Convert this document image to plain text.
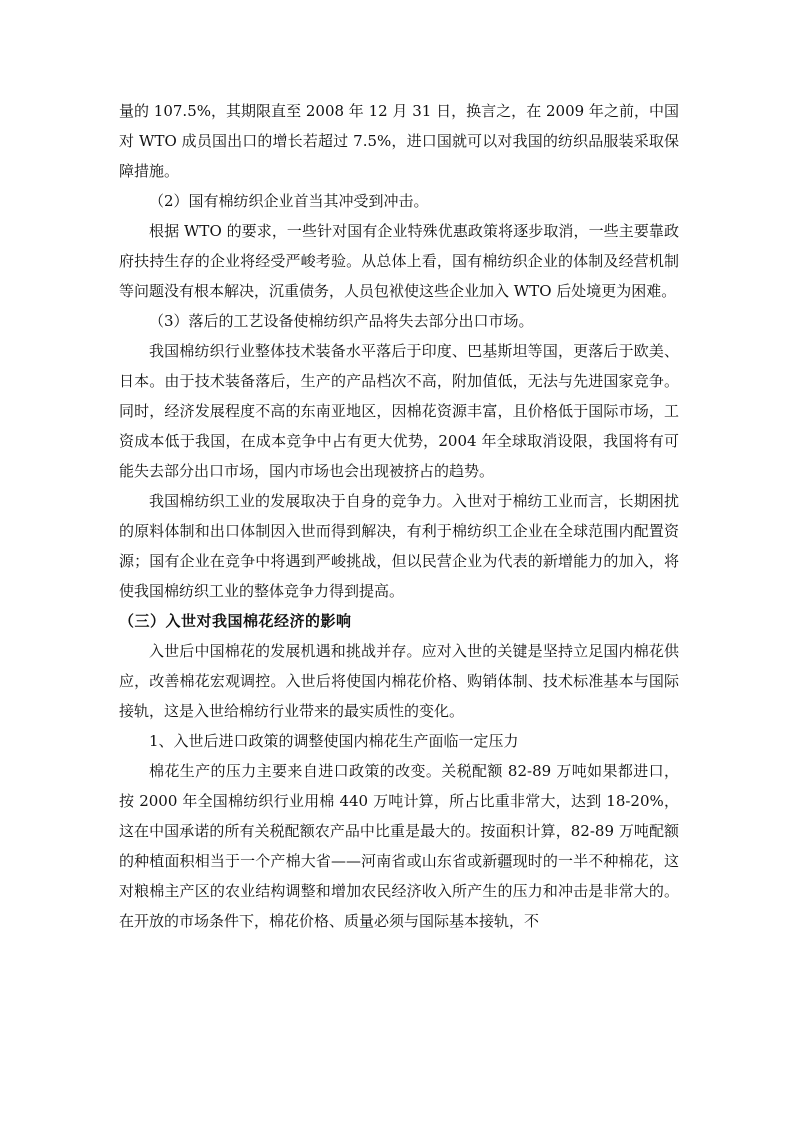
量的 107.5%，其期限直至 2008 年 12 月 31 日，换言之，在 2009 年之前，中国对 WTO 成员国出口的增长若超过 7.5%，进口国就可以对我国的纺织品服装采取保障措施。

（2）国有棉纺织企业首当其冲受到冲击。

根据 WTO 的要求，一些针对国有企业特殊优惠政策将逐步取消，一些主要靠政府扶持生存的企业将经受严峻考验。从总体上看，国有棉纺织企业的体制及经营机制等问题没有根本解决，沉重债务，人员包袱使这些企业加入 WTO 后处境更为困难。

（3）落后的工艺设备使棉纺织产品将失去部分出口市场。

我国棉纺织行业整体技术装备水平落后于印度、巴基斯坦等国，更落后于欧美、日本。由于技术装备落后，生产的产品档次不高，附加值低，无法与先进国家竞争。同时，经济发展程度不高的东南亚地区，因棉花资源丰富，且价格低于国际市场，工资成本低于我国，在成本竞争中占有更大优势，2004 年全球取消设限，我国将有可能失去部分出口市场，国内市场也会出现被挤占的趋势。

我国棉纺织工业的发展取决于自身的竞争力。入世对于棉纺工业而言，长期困扰的原料体制和出口体制因入世而得到解决，有利于棉纺织工企业在全球范围内配置资源；国有企业在竞争中将遇到严峻挑战，但以民营企业为代表的新增能力的加入，将使我国棉纺织工业的整体竞争力得到提高。

（三）入世对我国棉花经济的影响

入世后中国棉花的发展机遇和挑战并存。应对入世的关键是坚持立足国内棉花供应，改善棉花宏观调控。入世后将使国内棉花价格、购销体制、技术标准基本与国际接轨，这是入世给棉纺行业带来的最实质性的变化。

1、入世后进口政策的调整使国内棉花生产面临一定压力

棉花生产的压力主要来自进口政策的改变。关税配额 82-89 万吨如果都进口，按 2000 年全国棉纺织行业用棉 440 万吨计算，所占比重非常大，达到 18-20%，这在中国承诺的所有关税配额农产品中比重是最大的。按面积计算，82-89 万吨配额的种植面积相当于一个产棉大省——河南省或山东省或新疆现时的一半不种棉花，这对粮棉主产区的农业结构调整和增加农民经济收入所产生的压力和冲击是非常大的。在开放的市场条件下，棉花价格、质量必须与国际基本接轨，不
